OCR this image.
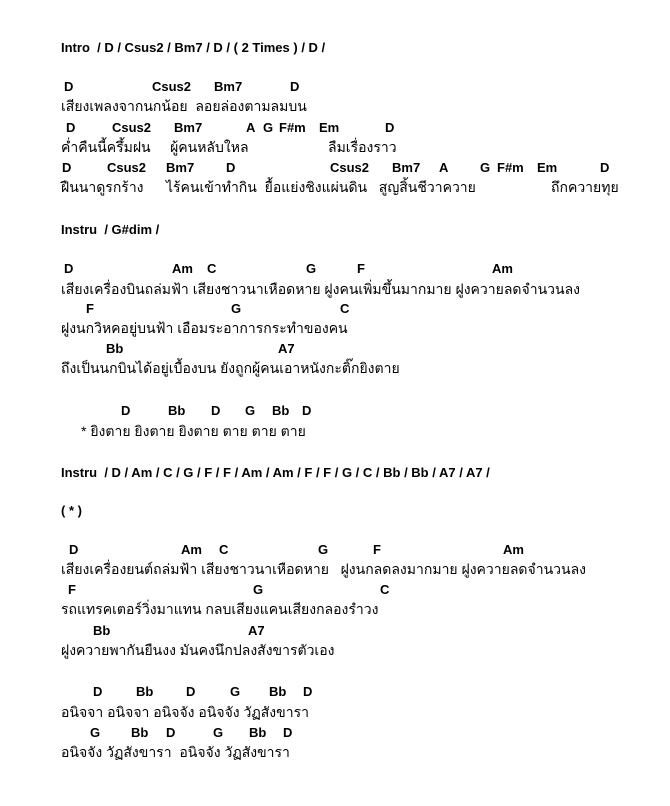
Intro  / D / Csus2 / Bm7 / D / ( 2 Times ) / D /
D	Csus2 Bm7	D
เสียงเพลงจากนกน้อย  ลอยล่องตามลมบน
D	Csus2 Bm7	A G F#m Em	D
ค่ำคืนนี้ครึ้มฝน     ผู้คนหลับใหล	ลืมเรื่องราว
D	Csus2 Bm7 D	Csus2 Bm7 A G F#m Em	D
ฝืนนาดูรกร้าง ไร้คนเข้าทำกิน  ยื้อแย่งชิงแผ่นดิน   สูญสิ้นชีวาควาย	ถึกควายทุย
Instru  / G#dim /
D	Am C	G	F	Am
เสียงเครื่องบินถล่มฟ้า เสียงชาวนาเหือดหาย ฝูงคนเพิ่มขึ้นมากมาย ฝูงควายลดจำนวนลง
F	G	C
ฝูงนกวิหคอยู่บนฟ้า เอือมระอาการกระทำของคน
Bb	A7
ถึงเป็นนกบินได้อยู่เบื้องบน ยังถูกผู้คนเอาหนังกะติ๊กยิงตาย
D	Bb D G Bb D
* ยิงตาย ยิงตาย ยิงตาย ตาย ตาย ตาย
Instru  / D / Am / C / G / F / F / Am / Am / F / F / G / C / Bb / Bb / A7 / A7 /
( * )
D	Am C	G	F	Am
เสียงเครื่องยนต์ถล่มฟ้า เสียงชาวนาเหือดหาย   ฝูงนกลดลงมากมาย ฝูงควายลดจำนวนลง
F	G	C
รถแทรคเตอร์วิ่งมาแทน กลบเสียงแคนเสียงกลองรำวง
Bb	A7
ฝูงควายพากันยืนงง มันคงนึกปลงสังขารตัวเอง
D	Bb	D	G Bb D
อนิจจา อนิจจา อนิจจัง อนิจจัง วัฏสังขารา
G Bb D	G Bb D
อนิจจัง วัฏสังขารา  อนิจจัง วัฏสังขารา
